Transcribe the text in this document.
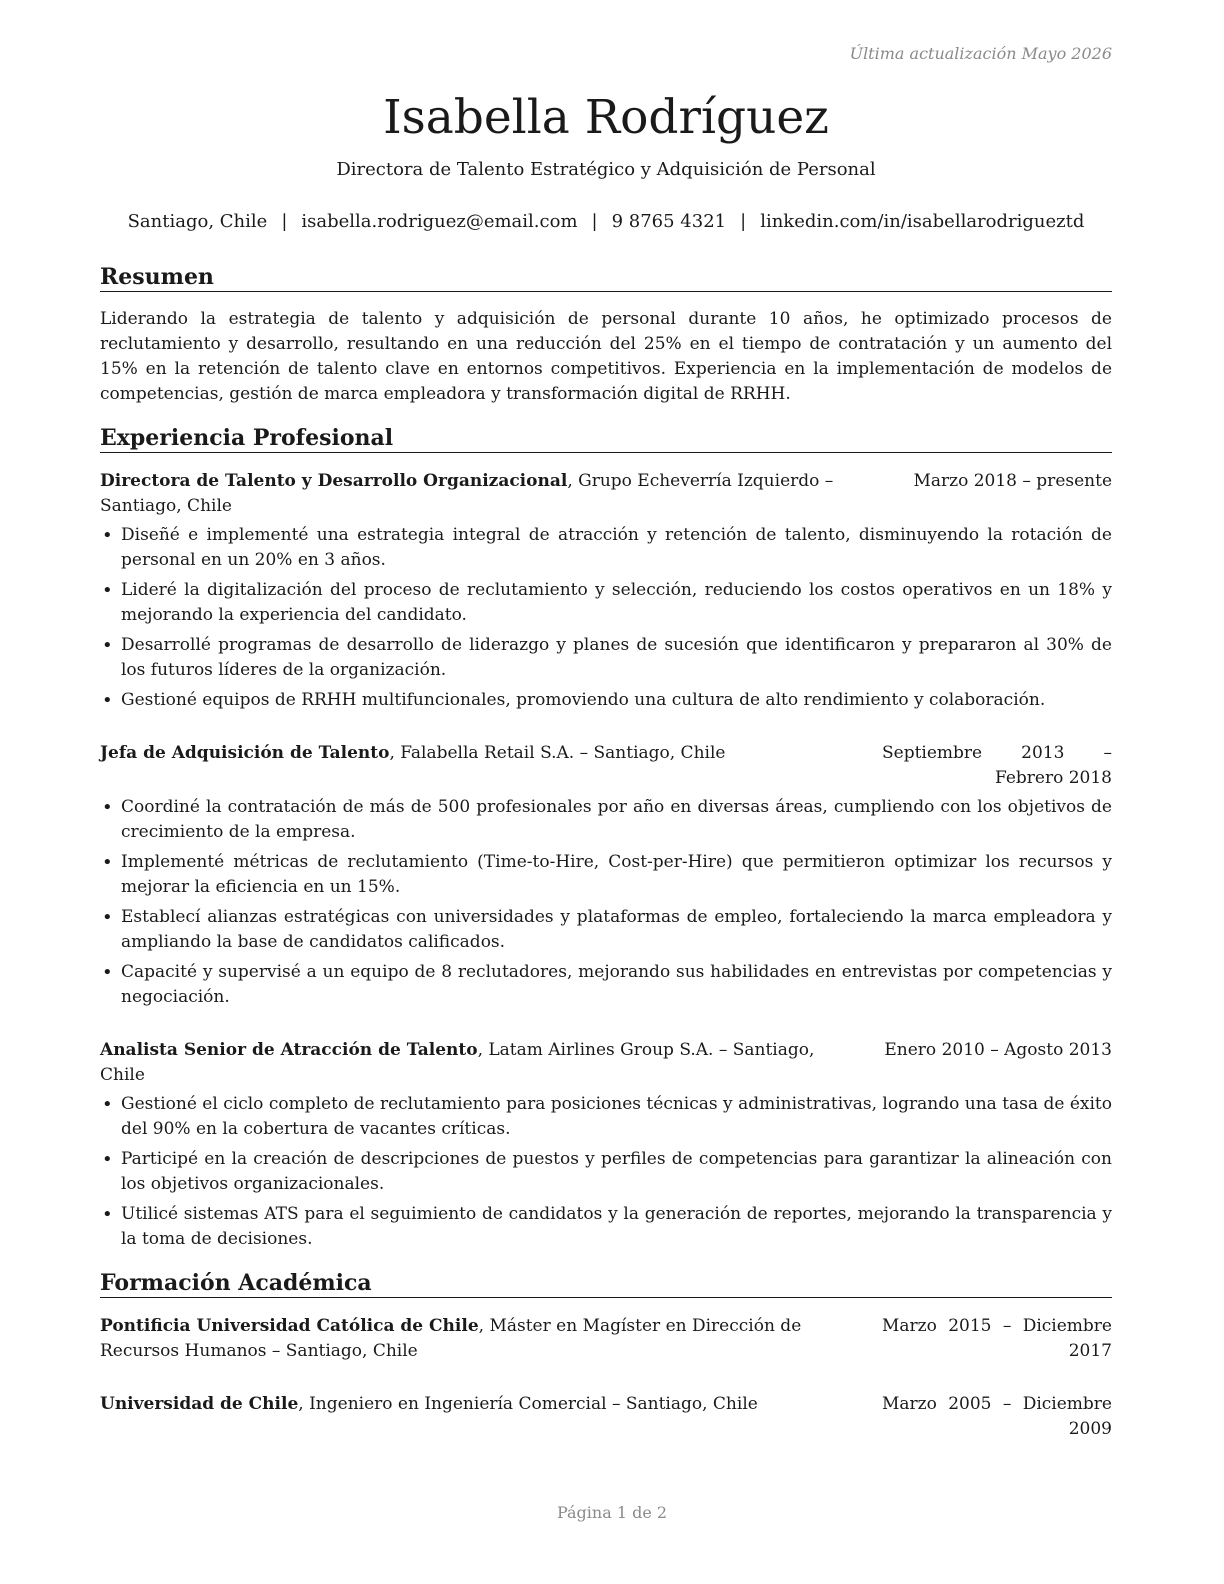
Última actualización Mayo 2026
Isabella Rodríguez
Directora de Talento Estratégico y Adquisición de Personal
Santiago, Chile | isabella.rodriguez@email.com | 9 8765 4321 | linkedin.com/in/isabellarodrigueztd
Resumen
Liderando la estrategia de talento y adquisición de personal durante 10 años, he optimizado procesos de reclutamiento y desarrollo, resultando en una reducción del 25% en el tiempo de contratación y un aumento del 15% en la retención de talento clave en entornos competitivos. Experiencia en la implementación de modelos de competencias, gestión de marca empleadora y transformación digital de RRHH.
Experiencia Profesional
Directora de Talento y Desarrollo Organizacional, Grupo Echeverría Izquierdo – Santiago, Chile
Marzo 2018 – presente
• Diseñé e implementé una estrategia integral de atracción y retención de talento, disminuyendo la rotación de personal en un 20% en 3 años.
• Lideré la digitalización del proceso de reclutamiento y selección, reduciendo los costos operativos en un 18% y mejorando la experiencia del candidato.
• Desarrollé programas de desarrollo de liderazgo y planes de sucesión que identificaron y prepararon al 30% de los futuros líderes de la organización.
• Gestioné equipos de RRHH multifuncionales, promoviendo una cultura de alto rendimiento y colaboración.
Jefa de Adquisición de Talento, Falabella Retail S.A. – Santiago, Chile	Septiembre 2013 – Febrero 2018
• Coordiné la contratación de más de 500 profesionales por año en diversas áreas, cumpliendo con los objetivos de crecimiento de la empresa.
• Implementé métricas de reclutamiento (Time-to-Hire, Cost-per-Hire) que permitieron optimizar los recursos y mejorar la eficiencia en un 15%.
• Establecí alianzas estratégicas con universidades y plataformas de empleo, fortaleciendo la marca empleadora y ampliando la base de candidatos calificados.
• Capacité y supervisé a un equipo de 8 reclutadores, mejorando sus habilidades en entrevistas por competencias y negociación.
Analista Senior de Atracción de Talento, Latam Airlines Group S.A. – Santiago, Chile
Enero 2010 – Agosto 2013
• Gestioné el ciclo completo de reclutamiento para posiciones técnicas y administrativas, logrando una tasa de éxito del 90% en la cobertura de vacantes críticas.
• Participé en la creación de descripciones de puestos y perfiles de competencias para garantizar la alineación con los objetivos organizacionales.
• Utilicé sistemas ATS para el seguimiento de candidatos y la generación de reportes, mejorando la transparencia y la toma de decisiones.
Formación Académica
Pontificia Universidad Católica de Chile, Máster en Magíster en Dirección de Recursos Humanos – Santiago, Chile
Marzo 2015 – Diciembre 2017
Universidad de Chile, Ingeniero en Ingeniería Comercial – Santiago, Chile	Marzo 2005 – Diciembre 2009
Página 1 de 2
